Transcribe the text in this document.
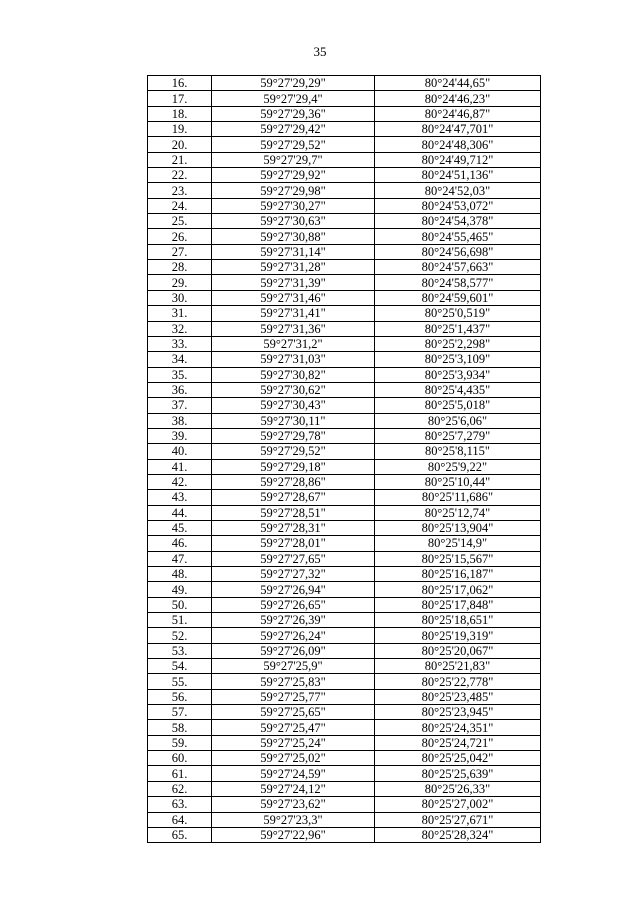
35
16.	59°27'29,29"	80°24'44,65"
17.	59°27'29,4"	80°24'46,23"
18.	59°27'29,36"	80°24'46,87"
19.	59°27'29,42"	80°24'47,701"
20.	59°27'29,52"	80°24'48,306"
21.	59°27'29,7"	80°24'49,712"
22.	59°27'29,92"	80°24'51,136"
23.	59°27'29,98"	80°24'52,03"
24.	59°27'30,27"	80°24'53,072"
25.	59°27'30,63"	80°24'54,378"
26.	59°27'30,88"	80°24'55,465"
27.	59°27'31,14"	80°24'56,698"
28.	59°27'31,28"	80°24'57,663"
29.	59°27'31,39"	80°24'58,577"
30.	59°27'31,46"	80°24'59,601"
31.	59°27'31,41"	80°25'0,519"
32.	59°27'31,36"	80°25'1,437"
33.	59°27'31,2"	80°25'2,298"
34.	59°27'31,03"	80°25'3,109"
35.	59°27'30,82"	80°25'3,934"
36.	59°27'30,62"	80°25'4,435"
37.	59°27'30,43"	80°25'5,018"
38.	59°27'30,11"	80°25'6,06"
39.	59°27'29,78"	80°25'7,279"
40.	59°27'29,52"	80°25'8,115"
41.	59°27'29,18"	80°25'9,22"
42.	59°27'28,86"	80°25'10,44"
43.	59°27'28,67"	80°25'11,686"
44.	59°27'28,51"	80°25'12,74"
45.	59°27'28,31"	80°25'13,904"
46.	59°27'28,01"	80°25'14,9"
47.	59°27'27,65"	80°25'15,567"
48.	59°27'27,32"	80°25'16,187"
49.	59°27'26,94"	80°25'17,062"
50.	59°27'26,65"	80°25'17,848"
51.	59°27'26,39"	80°25'18,651"
52.	59°27'26,24"	80°25'19,319"
53.	59°27'26,09"	80°25'20,067"
54.	59°27'25,9"	80°25'21,83"
55.	59°27'25,83"	80°25'22,778"
56.	59°27'25,77"	80°25'23,485"
57.	59°27'25,65"	80°25'23,945"
58.	59°27'25,47"	80°25'24,351"
59.	59°27'25,24"	80°25'24,721"
60.	59°27'25,02"	80°25'25,042"
61.	59°27'24,59"	80°25'25,639"
62.	59°27'24,12"	80°25'26,33"
63.	59°27'23,62"	80°25'27,002"
64.	59°27'23,3"	80°25'27,671"
65.	59°27'22,96"	80°25'28,324"
